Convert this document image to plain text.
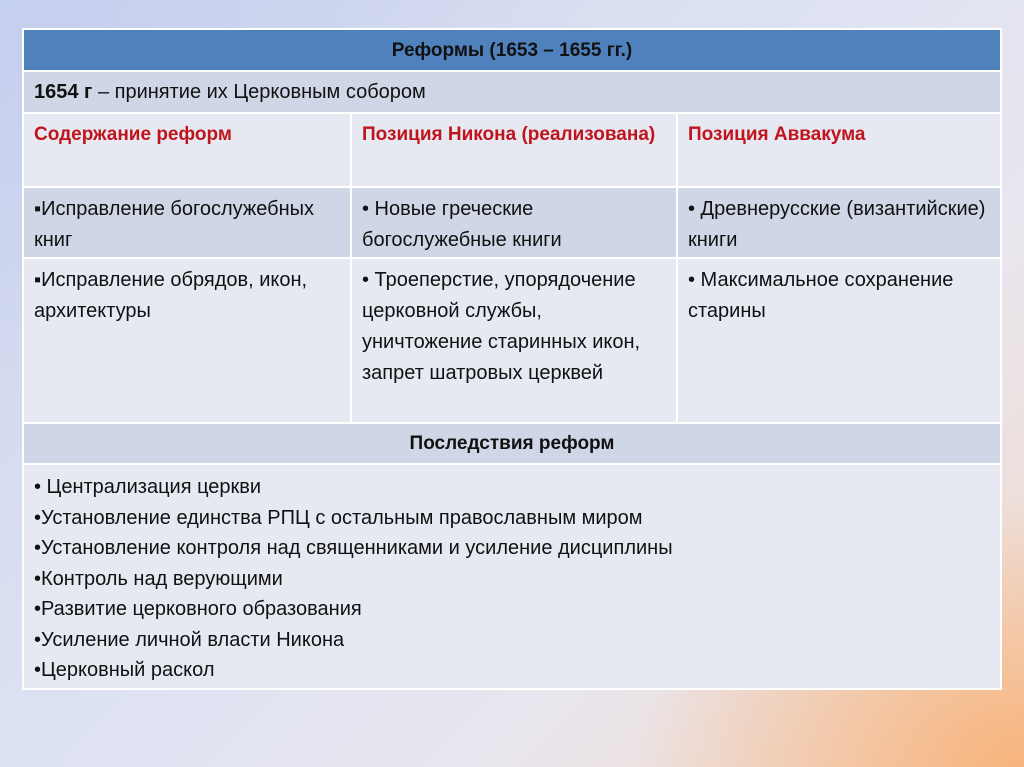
Реформы (1653 – 1655 гг.)
1654 г – принятие их Церковным собором
Содержание реформ	Позиция Никона (реализована)	Позиция Аввакума
▪Исправление богослужебных книг
• Новые греческие богослужебные книги
• Древнерусские (византийские) книги
▪Исправление обрядов, икон, архитектуры
• Троеперстие, упорядочение церковной службы, уничтожение старинных икон, запрет шатровых церквей
• Максимальное сохранение старины
Последствия реформ
• Централизация церкви
•Установление единства РПЦ с остальным православным миром
•Установление контроля над священниками и усиление дисциплины
•Контроль над верующими
•Развитие церковного образования
•Усиление личной власти Никона
•Церковный раскол
